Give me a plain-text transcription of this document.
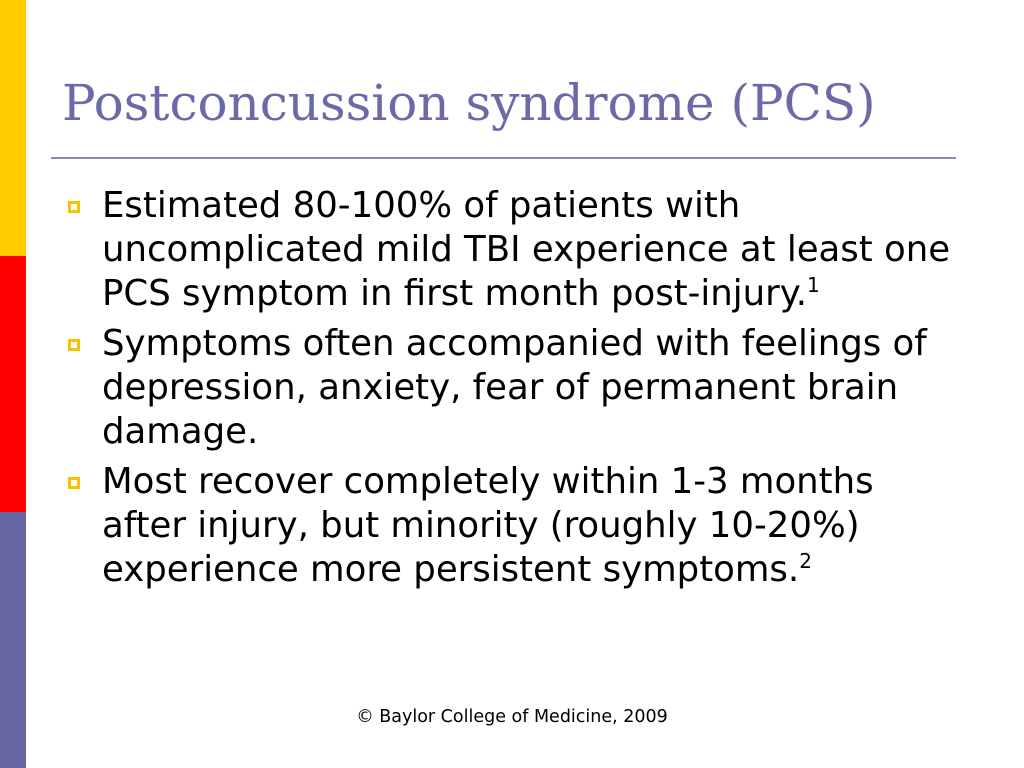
Postconcussion syndrome (PCS)
Estimated 80-100% of patients with uncomplicated mild TBI experience at least one PCS symptom in first month post-injury.$^1$
Symptoms often accompanied with feelings of depression, anxiety, fear of permanent brain damage.
Most recover completely within 1-3 months after injury, but minority (roughly 10-20%) experience more persistent symptoms.$^2$
© Baylor College of Medicine, 2009
